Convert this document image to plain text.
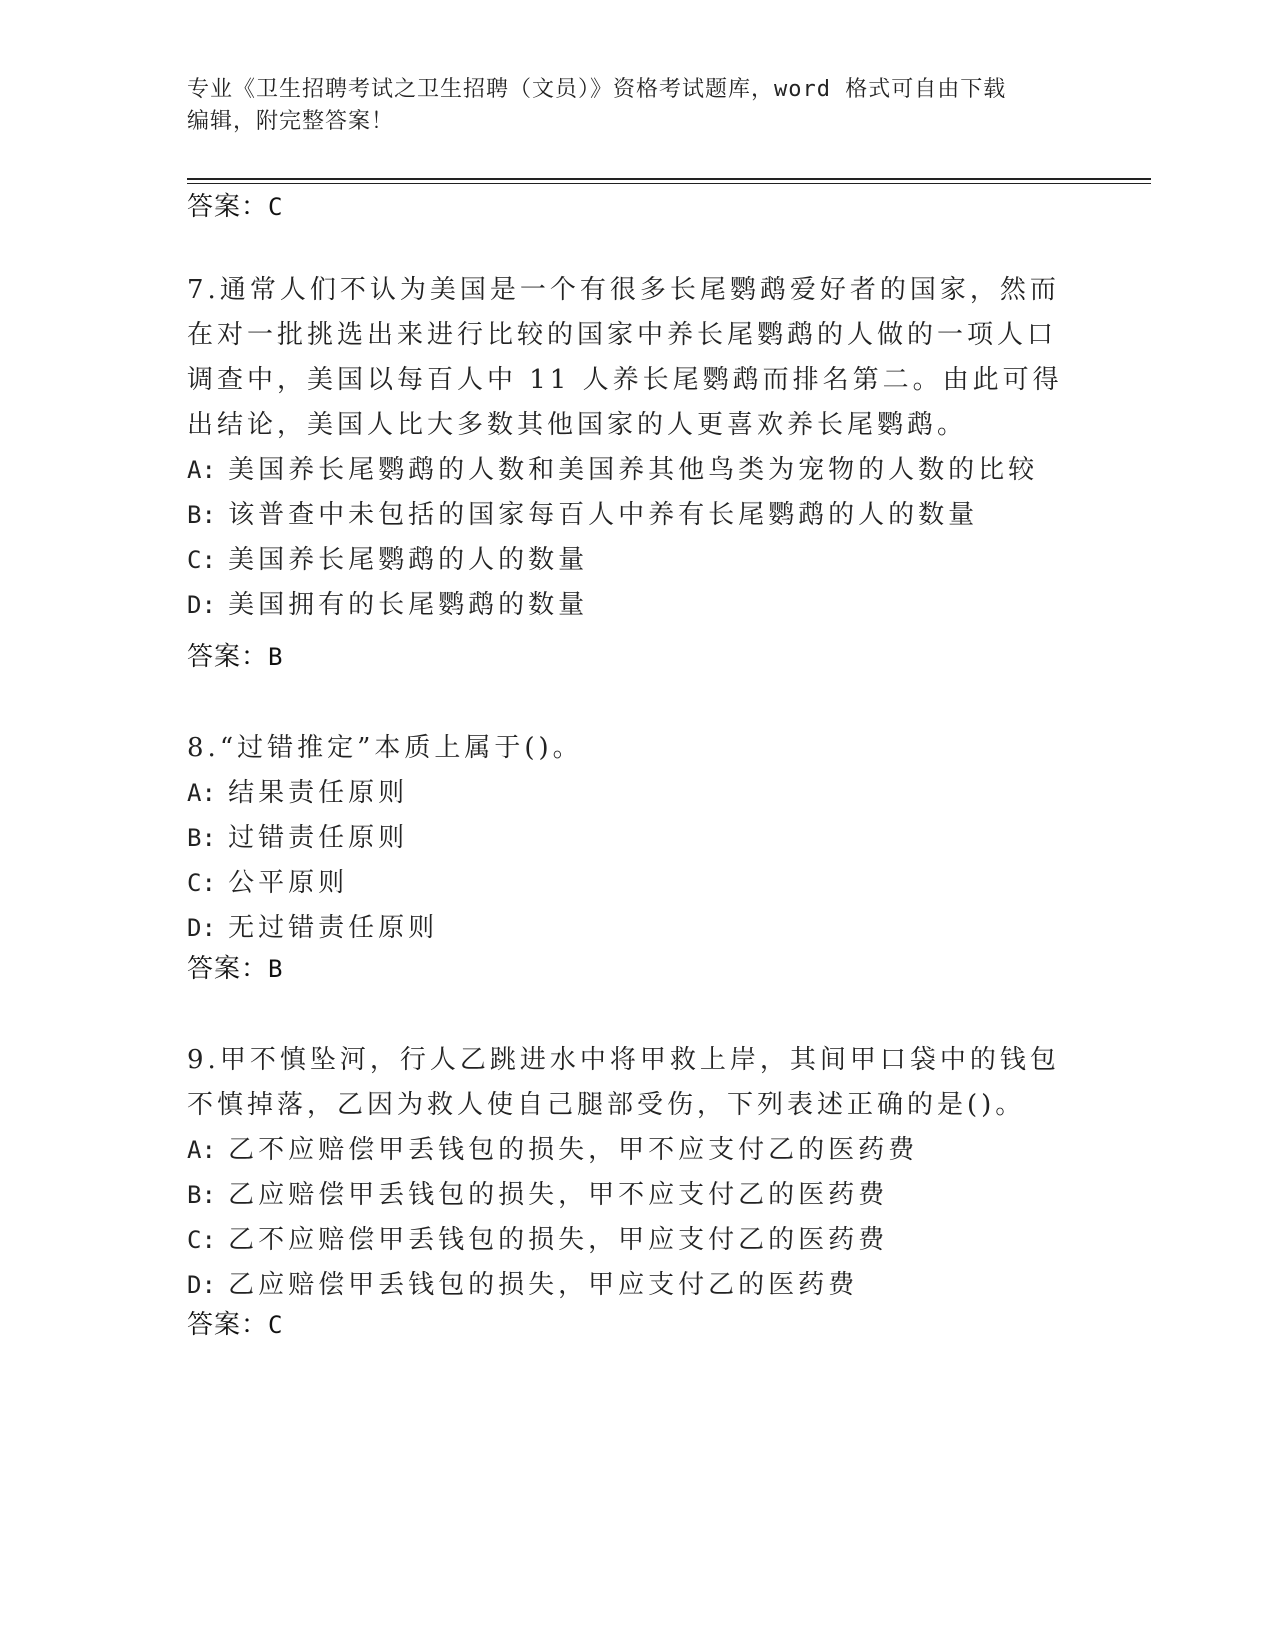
专业《卫生招聘考试之卫生招聘（文员）》资格考试题库，word 格式可自由下载
编辑，附完整答案！
答案：C

7.通常人们不认为美国是一个有很多长尾鹦鹉爱好者的国家，然而在对一批挑选出来进行比较的国家中养长尾鹦鹉的人做的一项人口调查中，美国以每百人中 11 人养长尾鹦鹉而排名第二。由此可得出结论，美国人比大多数其他国家的人更喜欢养长尾鹦鹉。

A: 美国养长尾鹦鹉的人数和美国养其他鸟类为宠物的人数的比较

B: 该普查中未包括的国家每百人中养有长尾鹦鹉的人的数量

C: 美国养长尾鹦鹉的人的数量

D: 美国拥有的长尾鹦鹉的数量

答案：B

8.“过错推定”本质上属于()。

A: 结果责任原则

B: 过错责任原则

C: 公平原则

D: 无过错责任原则

答案：B

9.甲不慎坠河，行人乙跳进水中将甲救上岸，其间甲口袋中的钱包不慎掉落，乙因为救人使自己腿部受伤，下列表述正确的是()。

A: 乙不应赔偿甲丢钱包的损失，甲不应支付乙的医药费

B: 乙应赔偿甲丢钱包的损失，甲不应支付乙的医药费

C: 乙不应赔偿甲丢钱包的损失，甲应支付乙的医药费

D: 乙应赔偿甲丢钱包的损失，甲应支付乙的医药费

答案：C
